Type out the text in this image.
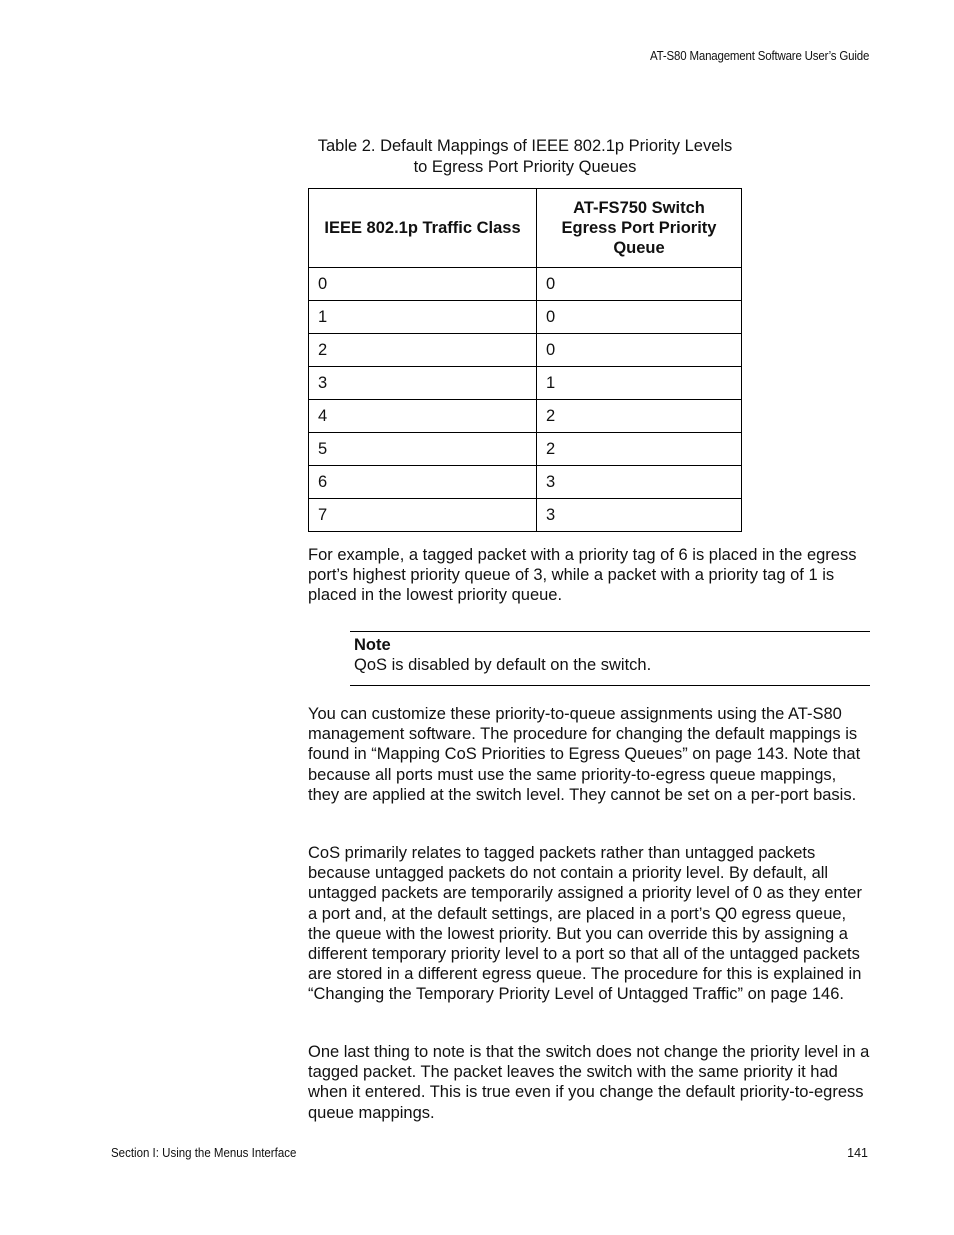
AT-S80 Management Software User’s Guide
Table 2. Default Mappings of IEEE 802.1p Priority Levels
to Egress Port Priority Queues
IEEE 802.1p Traffic Class	AT-FS750 Switch Egress Port Priority Queue
0	0
1	0
2	0
3	1
4	2
5	2
6	3
7	3

For example, a tagged packet with a priority tag of 6 is placed in the egress port’s highest priority queue of 3, while a packet with a priority tag of 1 is placed in the lowest priority queue.

Note
QoS is disabled by default on the switch.

You can customize these priority-to-queue assignments using the AT-S80 management software. The procedure for changing the default mappings is found in “Mapping CoS Priorities to Egress Queues” on page 143. Note that because all ports must use the same priority-to-egress queue mappings, they are applied at the switch level. They cannot be set on a per-port basis.

CoS primarily relates to tagged packets rather than untagged packets because untagged packets do not contain a priority level. By default, all untagged packets are temporarily assigned a priority level of 0 as they enter a port and, at the default settings, are placed in a port’s Q0 egress queue, the queue with the lowest priority. But you can override this by assigning a different temporary priority level to a port so that all of the untagged packets are stored in a different egress queue. The procedure for this is explained in “Changing the Temporary Priority Level of Untagged Traffic” on page 146.

One last thing to note is that the switch does not change the priority level in a tagged packet. The packet leaves the switch with the same priority it had when it entered. This is true even if you change the default priority-to-egress queue mappings.

Section I: Using the Menus Interface	141
